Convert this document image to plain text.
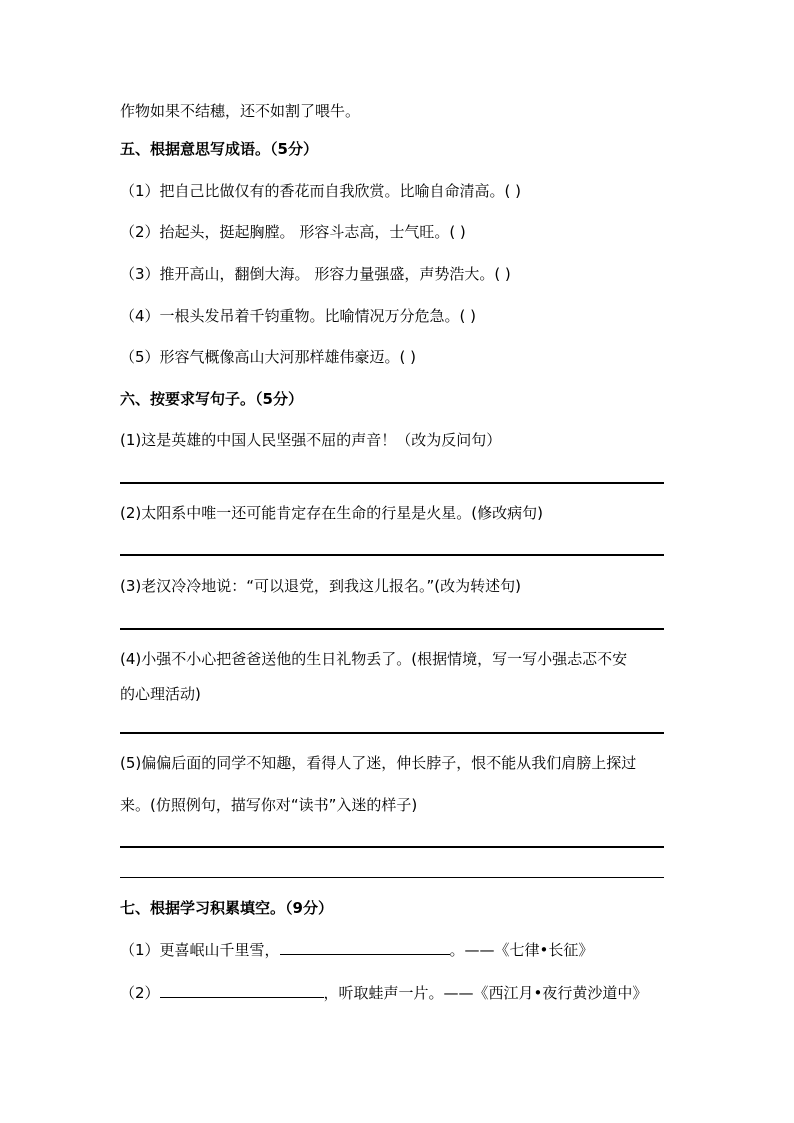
作物如果不结穗，还不如割了喂牛。
五、根据意思写成语。（5分）
（1）把自己比做仅有的香花而自我欣赏。比喻自命清高。( )
（2）抬起头，挺起胸膛。 形容斗志高，士气旺。( )
（3）推开高山，翻倒大海。 形容力量强盛，声势浩大。( )
（4）一根头发吊着千钧重物。比喻情况万分危急。( )
（5）形容气概像高山大河那样雄伟豪迈。( )
六、按要求写句子。（5分）
(1)这是英雄的中国人民坚强不屈的声音！（改为反问句）
(2)太阳系中唯一还可能肯定存在生命的行星是火星。(修改病句)
(3)老汉冷冷地说：“可以退党，到我这儿报名。”(改为转述句)
(4)小强不小心把爸爸送他的生日礼物丢了。(根据情境，写一写小强忐忑不安
的心理活动)
(5)偏偏后面的同学不知趣，看得人了迷，伸长脖子，恨不能从我们肩膀上探过
来。(仿照例句，描写你对“读书”入迷的样子)
七、根据学习积累填空。（9分）
（1）更喜岷山千里雪，	。——《七律•长征》
（2）	，听取蛙声一片。——《西江月•夜行黄沙道中》
